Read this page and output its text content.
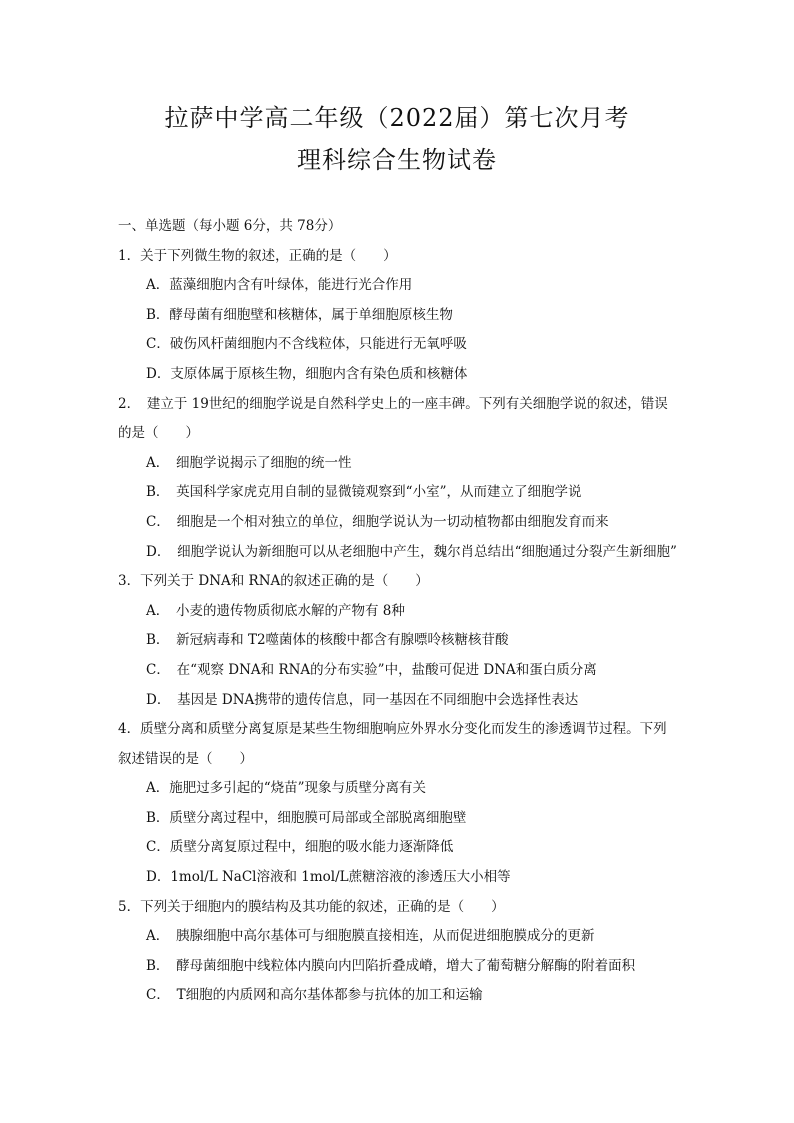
拉萨中学高二年级（2022届）第七次月考
理科综合生物试卷
一、单选题（每小题 6分，共 78分）
1．关于下列微生物的叙述，正确的是（　　）
A．蓝藻细胞内含有叶绿体，能进行光合作用
B．酵母菌有细胞壁和核糖体，属于单细胞原核生物
C．破伤风杆菌细胞内不含线粒体，只能进行无氧呼吸
D．支原体属于原核生物，细胞内含有染色质和核糖体
2．　建立于 19世纪的细胞学说是自然科学史上的一座丰碑。下列有关细胞学说的叙述，错误的是（　　）
A．　细胞学说揭示了细胞的统一性
B．　英国科学家虎克用自制的显微镜观察到“小室”，从而建立了细胞学说
C．　细胞是一个相对独立的单位，细胞学说认为一切动植物都由细胞发育而来
D．　细胞学说认为新细胞可以从老细胞中产生，魏尔肖总结出“细胞通过分裂产生新细胞”
3．下列关于 DNA和 RNA的叙述正确的是（　　）
A．　小麦的遗传物质彻底水解的产物有 8种
B．　新冠病毒和 T2噬菌体的核酸中都含有腺嘌呤核糖核苷酸
C．　在“观察 DNA和 RNA的分布实验”中，盐酸可促进 DNA和蛋白质分离
D．　基因是 DNA携带的遗传信息，同一基因在不同细胞中会选择性表达
4．质壁分离和质壁分离复原是某些生物细胞响应外界水分变化而发生的渗透调节过程。下列叙述错误的是（　　）
A．施肥过多引起的“烧苗”现象与质壁分离有关
B．质壁分离过程中，细胞膜可局部或全部脱离细胞壁
C．质壁分离复原过程中，细胞的吸水能力逐渐降低
D．1mol/L NaCl溶液和 1mol/L蔗糖溶液的渗透压大小相等
5．下列关于细胞内的膜结构及其功能的叙述，正确的是（　　）
A．　胰腺细胞中高尔基体可与细胞膜直接相连，从而促进细胞膜成分的更新
B．　酵母菌细胞中线粒体内膜向内凹陷折叠成嵴，增大了葡萄糖分解酶的附着面积
C．　T细胞的内质网和高尔基体都参与抗体的加工和运输
